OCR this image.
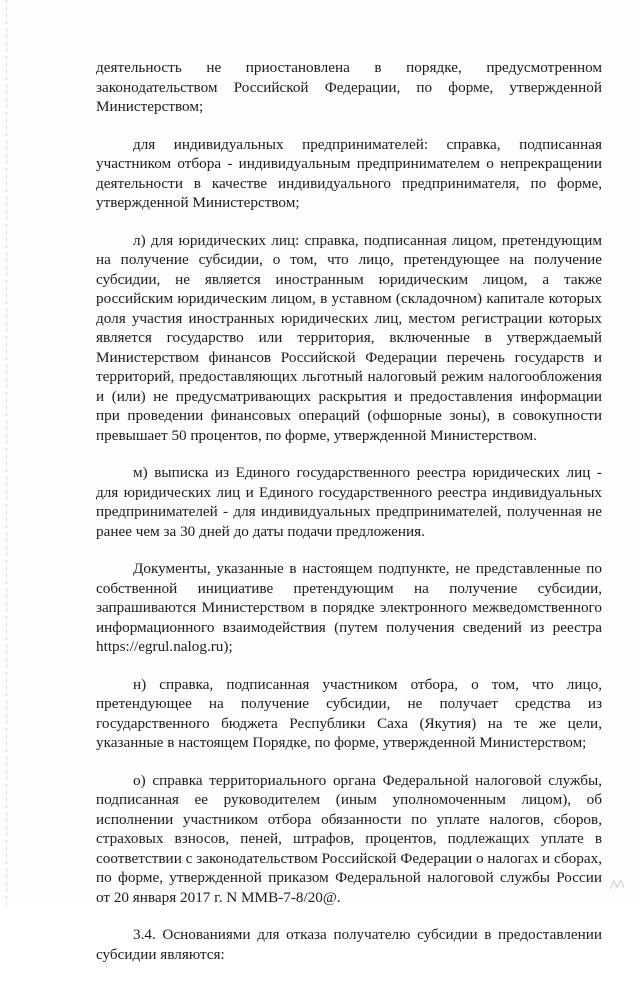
деятельность не приостановлена в порядке, предусмотренном законодательством Российской Федерации, по форме, утвержденной Министерством;

для индивидуальных предпринимателей: справка, подписанная участником отбора - индивидуальным предпринимателем о непрекращении деятельности в качестве индивидуального предпринимателя, по форме, утвержденной Министерством;

л) для юридических лиц: справка, подписанная лицом, претендующим на получение субсидии, о том, что лицо, претендующее на получение субсидии, не является иностранным юридическим лицом, а также российским юридическим лицом, в уставном (складочном) капитале которых доля участия иностранных юридических лиц, местом регистрации которых является государство или территория, включенные в утверждаемый Министерством финансов Российской Федерации перечень государств и территорий, предоставляющих льготный налоговый режим налогообложения и (или) не предусматривающих раскрытия и предоставления информации при проведении финансовых операций (офшорные зоны), в совокупности превышает 50 процентов, по форме, утвержденной Министерством.

м) выписка из Единого государственного реестра юридических лиц - для юридических лиц и Единого государственного реестра индивидуальных предпринимателей - для индивидуальных предпринимателей, полученная не ранее чем за 30 дней до даты подачи предложения.

Документы, указанные в настоящем подпункте, не представленные по собственной инициативе претендующим на получение субсидии, запрашиваются Министерством в порядке электронного межведомственного информационного взаимодействия (путем получения сведений из реестра https://egrul.nalog.ru);

н) справка, подписанная участником отбора, о том, что лицо, претендующее на получение субсидии, не получает средства из государственного бюджета Республики Саха (Якутия) на те же цели, указанные в настоящем Порядке, по форме, утвержденной Министерством;

о) справка территориального органа Федеральной налоговой службы, подписанная ее руководителем (иным уполномоченным лицом), об исполнении участником отбора обязанности по уплате налогов, сборов, страховых взносов, пеней, штрафов, процентов, подлежащих уплате в соответствии с законодательством Российской Федерации о налогах и сборах, по форме, утвержденной приказом Федеральной налоговой службы России от 20 января 2017 г. N ММВ-7-8/20@.

3.4. Основаниями для отказа получателю субсидии в предоставлении субсидии являются:
